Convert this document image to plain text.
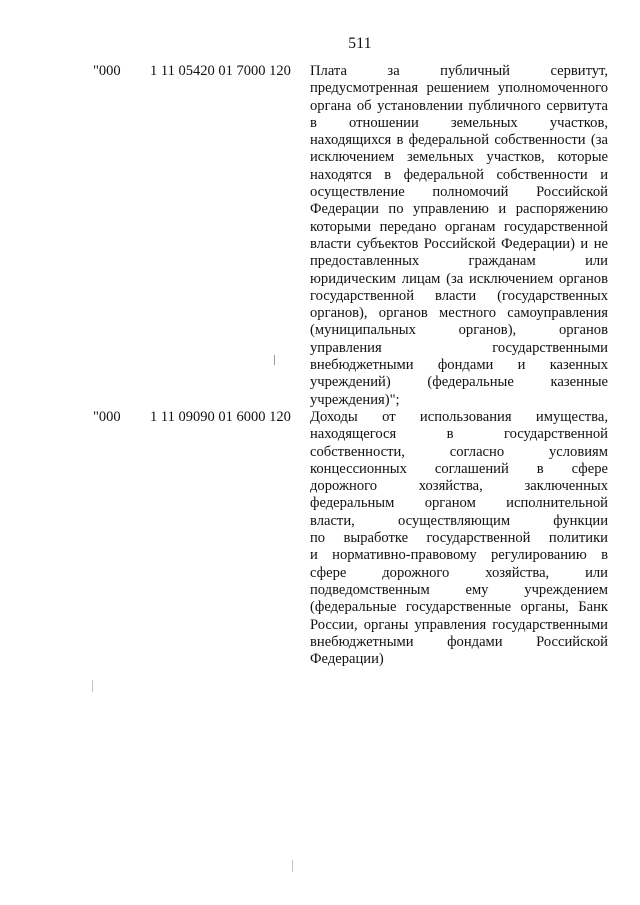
511
"000 1 11 05420 01 7000 120 Плата за публичный сервитут,
предусмотренная решением уполномоченного
органа об установлении публичного сервитута
в отношении земельных участков,
находящихся в федеральной собственности (за
исключением земельных участков, которые
находятся в федеральной собственности и
осуществление полномочий Российской
Федерации по управлению и распоряжению
которыми передано органам государственной
власти субъектов Российской Федерации) и не
предоставленных гражданам или
юридическим лицам (за исключением органов
государственной власти (государственных
органов), органов местного самоуправления
(муниципальных органов), органов
управления государственными
внебюджетными фондами и казенных
учреждений) (федеральные казенные
учреждения)";
"000 1 11 09090 01 6000 120 Доходы от использования имущества,
находящегося в государственной
собственности, согласно условиям
концессионных соглашений в сфере
дорожного хозяйства, заключенных
федеральным органом исполнительной
власти, осуществляющим функции
по выработке государственной политики
и нормативно-правовому регулированию в
сфере дорожного хозяйства, или
подведомственным ему учреждением
(федеральные государственные органы, Банк
России, органы управления государственными
внебюджетными фондами Российской
Федерации)
